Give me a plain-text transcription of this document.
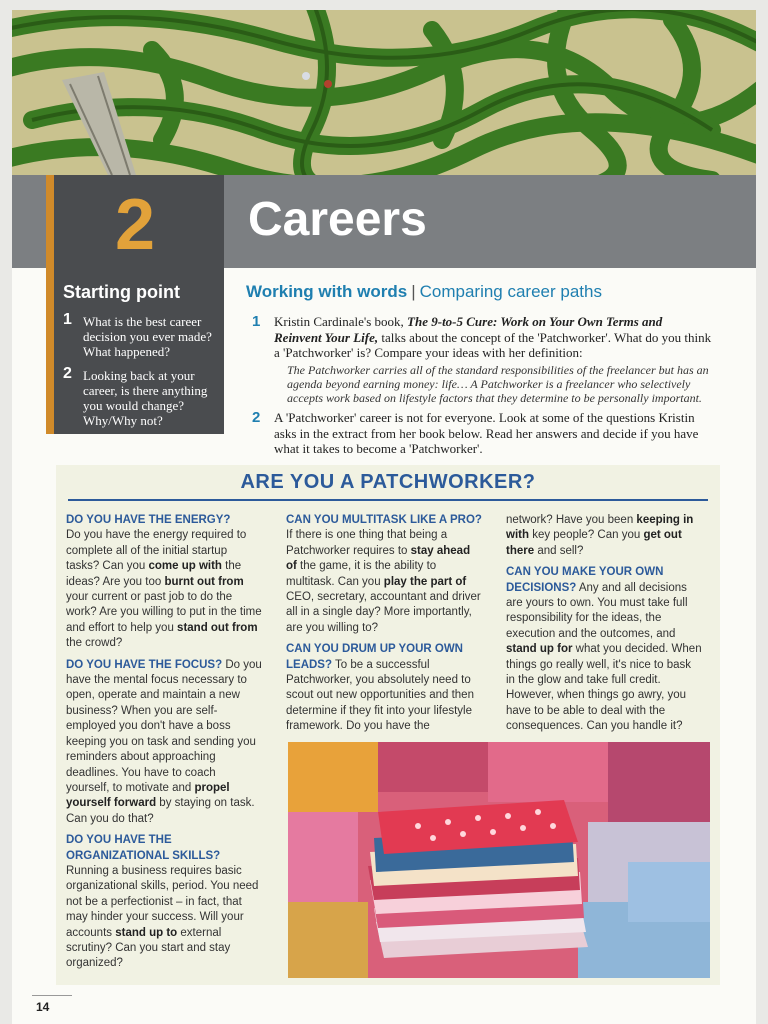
2	Careers
Starting point
1 What is the best career decision you ever made? What happened?
2 Looking back at your career, is there anything you would change? Why/Why not?
Working with words | Comparing career paths
1	Kristin Cardinale's book, The 9-to-5 Cure: Work on Your Own Terms and Reinvent Your Life, talks about the concept of the 'Patchworker'. What do you think a 'Patchworker' is? Compare your ideas with her definition:
The Patchworker carries all of the standard responsibilities of the freelancer but has an agenda beyond earning money: life… A Patchworker is a freelancer who selectively accepts work based on lifestyle factors that they determine to be personally important.
2	A 'Patchworker' career is not for everyone. Look at some of the questions Kristin asks in the extract from her book below. Read her answers and decide if you have what it takes to become a 'Patchworker'.
ARE YOU A PATCHWORKER?

DO YOU HAVE THE ENERGY?
Do you have the energy required to complete all of the initial startup tasks? Can you come up with the ideas? Are you too burnt out from your current or past job to do the work? Are you willing to put in the time and effort to help you stand out from the crowd?

DO YOU HAVE THE FOCUS? Do you have the mental focus necessary to open, operate and maintain a new business? When you are self-employed you don't have a boss keeping you on task and sending you reminders about approaching deadlines. You have to coach yourself, to motivate and propel yourself forward by staying on task. Can you do that?

DO YOU HAVE THE ORGANIZATIONAL SKILLS?
Running a business requires basic organizational skills, period. You need not be a perfectionist – in fact, that may hinder your success. Will your accounts stand up to external scrutiny? Can you start and stay organized?

CAN YOU MULTITASK LIKE A PRO?
If there is one thing that being a Patchworker requires to stay ahead of the game, it is the ability to multitask. Can you play the part of CEO, secretary, accountant and driver all in a single day? More importantly, are you willing to?

CAN YOU DRUM UP YOUR OWN LEADS? To be a successful Patchworker, you absolutely need to scout out new opportunities and then determine if they fit into your lifestyle framework. Do you have the

network? Have you been keeping in with key people? Can you get out there and sell?

CAN YOU MAKE YOUR OWN DECISIONS? Any and all decisions are yours to own. You must take full responsibility for the ideas, the execution and the outcomes, and stand up for what you decided. When things go really well, it's nice to bask in the glow and take full credit. However, when things go awry, you have to be able to deal with the consequences. Can you handle it?

14
